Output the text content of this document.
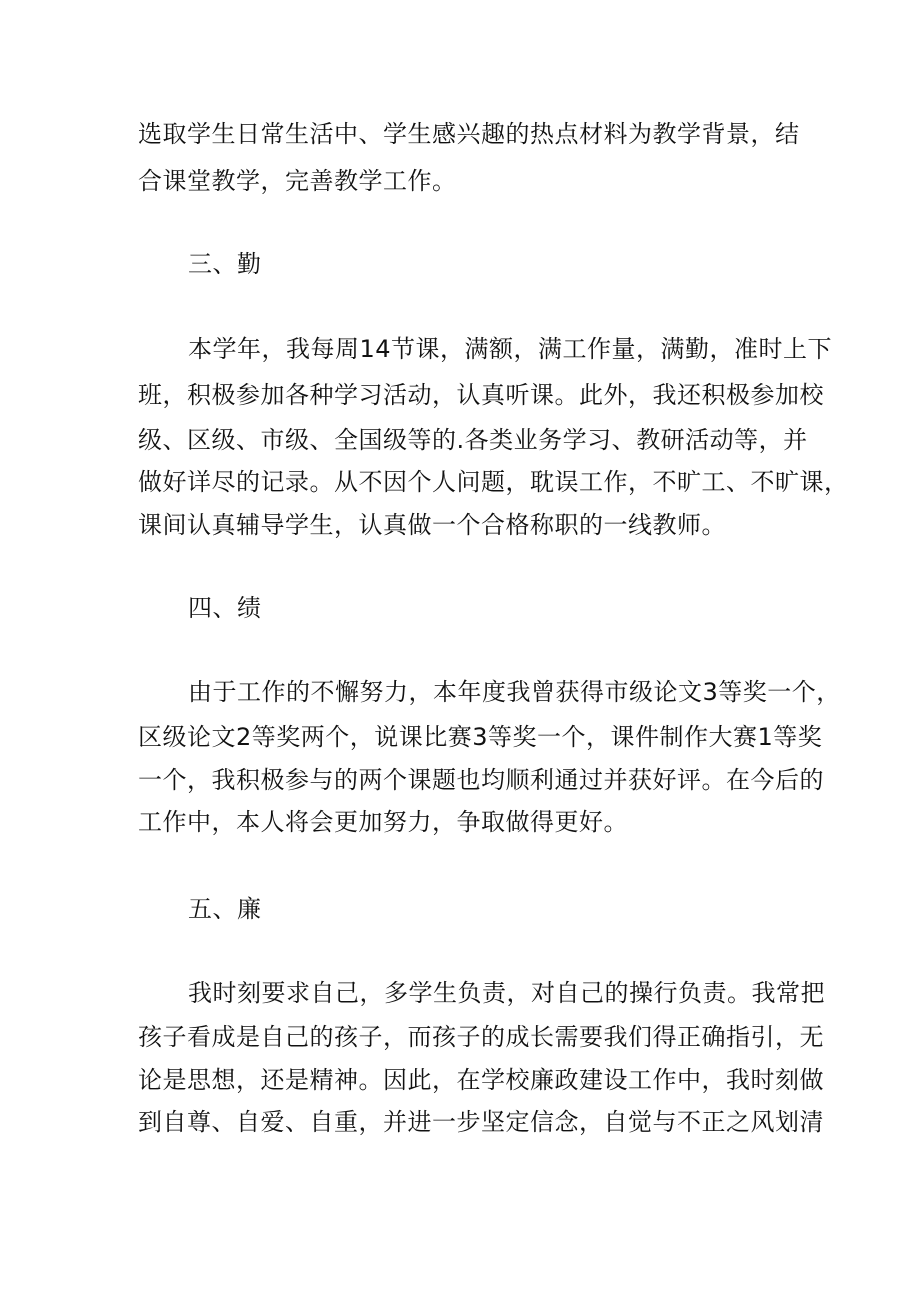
选取学生日常生活中、学生感兴趣的热点材料为教学背景，结
合课堂教学，完善教学工作。
三、勤
本学年，我每周14节课，满额，满工作量，满勤，准时上下
班，积极参加各种学习活动，认真听课。此外，我还积极参加校
级、区级、市级、全国级等的.各类业务学习、教研活动等，并
做好详尽的记录。从不因个人问题，耽误工作，不旷工、不旷课，
课间认真辅导学生，认真做一个合格称职的一线教师。
四、绩
由于工作的不懈努力，本年度我曾获得市级论文3等奖一个，
区级论文2等奖两个，说课比赛3等奖一个，课件制作大赛1等奖
一个，我积极参与的两个课题也均顺利通过并获好评。在今后的
工作中，本人将会更加努力，争取做得更好。
五、廉
我时刻要求自己，多学生负责，对自己的操行负责。我常把
孩子看成是自己的孩子，而孩子的成长需要我们得正确指引，无
论是思想，还是精神。因此，在学校廉政建设工作中，我时刻做
到自尊、自爱、自重，并进一步坚定信念，自觉与不正之风划清
